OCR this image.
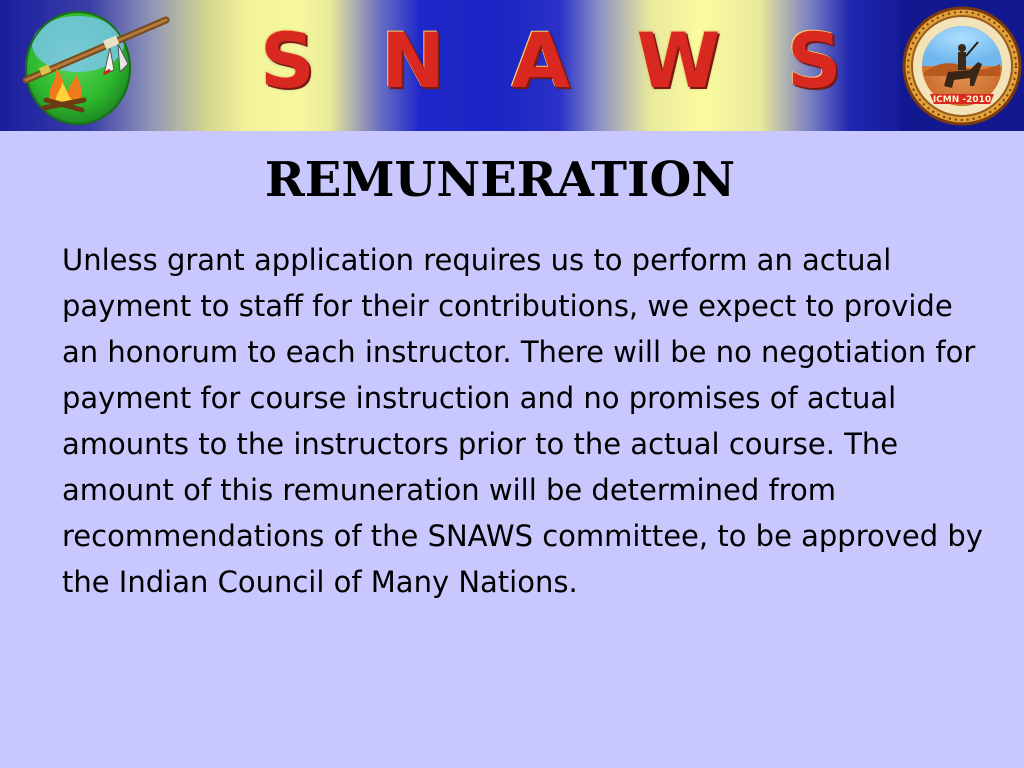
S N A W S	ICMN -2010
REMUNERATION

Unless grant application requires us to perform an actual payment to staff for their contributions, we expect to provide an honorum to each instructor. There will be no negotiation for payment for course instruction and no promises of actual amounts to the instructors prior to the actual course. The amount of this remuneration will be determined from recommendations of the SNAWS committee, to be approved by the Indian Council of Many Nations.
